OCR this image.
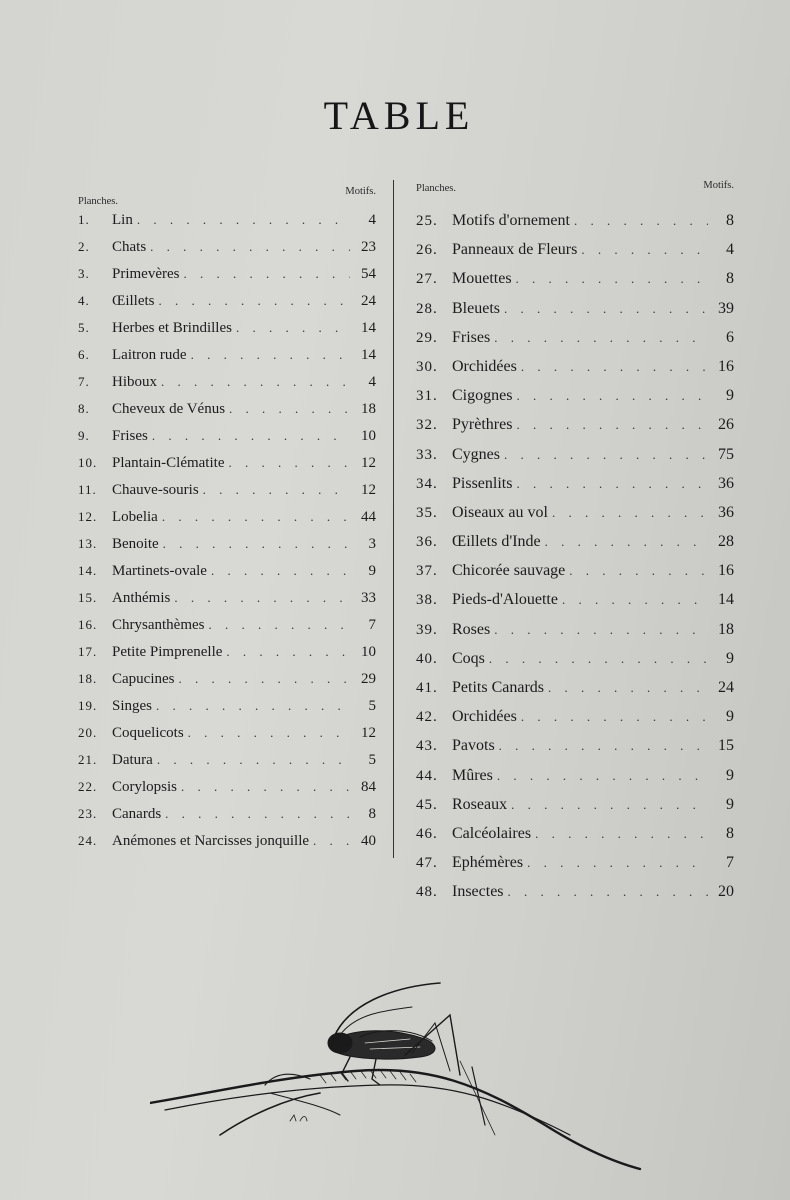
TABLE
Planches.
Motifs.
1.	Lin . . .	4
2.	Chats . . .	23
3.	Primevères . . .	54
4.	Œillets . . .	24
5.	Herbes et Brindilles . . .	14
6.	Laitron rude . . .	14
7.	Hiboux . . .	4
8.	Cheveux de Vénus . . .	18
9.	Frises . . .	10
10. Plantain-Clématite . . .	12
11.	Chauve-souris . . .	12
12. Lobelia . . .	44
13. Benoite . . .	3
14. Martinets-ovale . . .	9
15. Anthémis . . .	33
16. Chrysanthèmes . . .	7
17. Petite Pimprenelle . . .	10
18. Capucines . . .	29
19. Singes . . .	5
20. Coquelicots . . .	12
21. Datura . . .	5
22. Corylopsis . . .	84
23. Canards . . .	8
24. Anémones et Narcisses jonquille . . .	40
Planches.	Motifs.
25. Motifs d'ornement . . .	8
26. Panneaux de Fleurs . . .	4
27. Mouettes . . .	8
28. Bleuets . . .	39
29. Frises . . .	6
30. Orchidées . . .	16
31. Cigognes . . .	9
32. Pyrèthres . . .	26
33. Cygnes . . .	75
34. Pissenlits . . .	36
35. Oiseaux au vol . . .	36
36. Œillets d'Inde . . .	28
37. Chicorée sauvage . . .	16
38. Pieds-d'Alouette . . .	14
39. Roses . . .	18
40. Coqs . . .	9
41. Petits Canards . . .	24
42. Orchidées . . .	9
43. Pavots . . .	15
44. Mûres . . .	9
45. Roseaux . . .	9
46. Calcéolaires . . .	8
47. Ephémères . . .	7
48. Insectes . . .	20
